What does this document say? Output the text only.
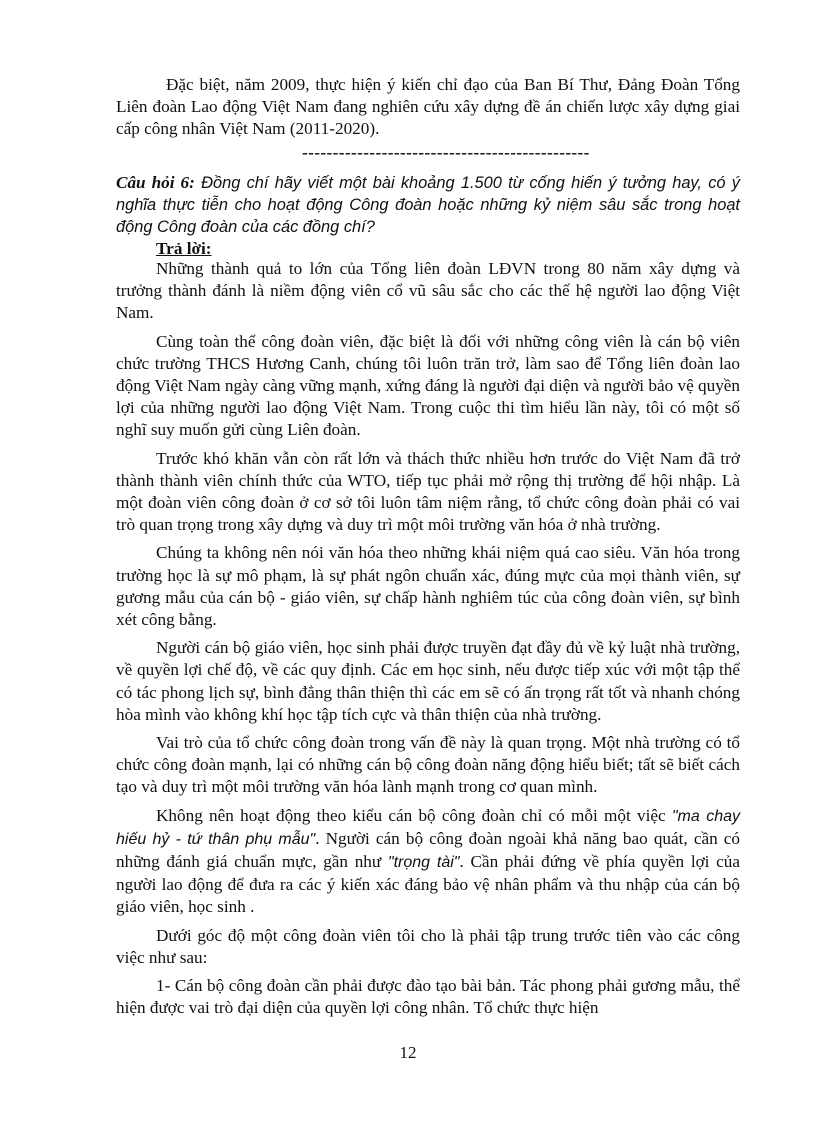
Đặc biệt, năm 2009, thực hiện ý kiến chỉ đạo của Ban Bí Thư, Đảng Đoàn Tổng Liên đoàn Lao động Việt Nam đang nghiên cứu xây dựng đề án chiến lược xây dựng giai cấp công nhân Việt Nam (2011-2020).

-----------------------------------------------
Câu hỏi 6: Đồng chí hãy viết một bài khoảng 1.500 từ cống hiến ý tưởng hay, có ý nghĩa thực tiễn cho hoạt động Công đoàn hoặc những kỷ niệm sâu sắc trong hoạt động Công đoàn của các đồng chí?
Trả lời:

Những thành quả to lớn của Tổng liên đoàn LĐVN trong 80 năm xây dựng và trưởng thành đánh là niềm động viên cổ vũ sâu sắc cho các thế hệ người lao động Việt Nam.

Cùng toàn thể công đoàn viên, đặc biệt là đối với những công viên là cán bộ viên chức trường THCS Hương Canh, chúng tôi luôn trăn trở, làm sao để Tổng liên đoàn lao động Việt Nam ngày càng vững mạnh, xứng đáng là người đại diện và người bảo vệ quyền lợi của những người lao động Việt Nam. Trong cuộc thi tìm hiểu lần này, tôi có một số nghĩ suy muốn gửi cùng Liên đoàn.

Trước khó khăn vẫn còn rất lớn và thách thức nhiều hơn trước do Việt Nam đã trở thành thành viên chính thức của WTO, tiếp tục phải mở rộng thị trường để hội nhập. Là một đoàn viên công đoàn ở cơ sở tôi luôn tâm niệm rằng, tổ chức công đoàn phải có vai trò quan trọng trong xây dựng và duy trì một môi trường văn hóa ở nhà trường.

Chúng ta không nên nói văn hóa theo những khái niệm quá cao siêu. Văn hóa trong trường học là sự mô phạm, là sự phát ngôn chuẩn xác, đúng mực của mọi thành viên, sự gương mẫu của cán bộ - giáo viên, sự chấp hành nghiêm túc của công đoàn viên, sự bình xét công bằng.

Người cán bộ giáo viên, học sinh phải được truyền đạt đầy đủ về kỷ luật nhà trường, về quyền lợi chế độ, về các quy định. Các em học sinh, nếu được tiếp xúc với một tập thể có tác phong lịch sự, bình đẳng thân thiện thì các em sẽ có ấn trọng rất tốt và nhanh chóng hòa mình vào không khí học tập tích cực và thân thiện của nhà trường.

Vai trò của tổ chức công đoàn trong vấn đề này là quan trọng. Một nhà trường có tổ chức công đoàn mạnh, lại có những cán bộ công đoàn năng động hiểu biết; tất sẽ biết cách tạo và duy trì một môi trường văn hóa lành mạnh trong cơ quan mình.

Không nên hoạt động theo kiểu cán bộ công đoàn chỉ có mỗi một việc "ma chay hiếu hỷ - tứ thân phụ mẫu". Người cán bộ công đoàn ngoài khả năng bao quát, cần có những đánh giá chuẩn mực, gần như "trọng tài". Cần phải đứng về phía quyền lợi của người lao động để đưa ra các ý kiến xác đáng bảo vệ nhân phẩm và thu nhập của cán bộ giáo viên, học sinh .

Dưới góc độ một công đoàn viên tôi cho là phải tập trung trước tiên vào các công việc như sau:

1- Cán bộ công đoàn cần phải được đào tạo bài bản. Tác phong phải gương mẫu, thể hiện được vai trò đại diện của quyền lợi công nhân. Tổ chức thực hiện

12
